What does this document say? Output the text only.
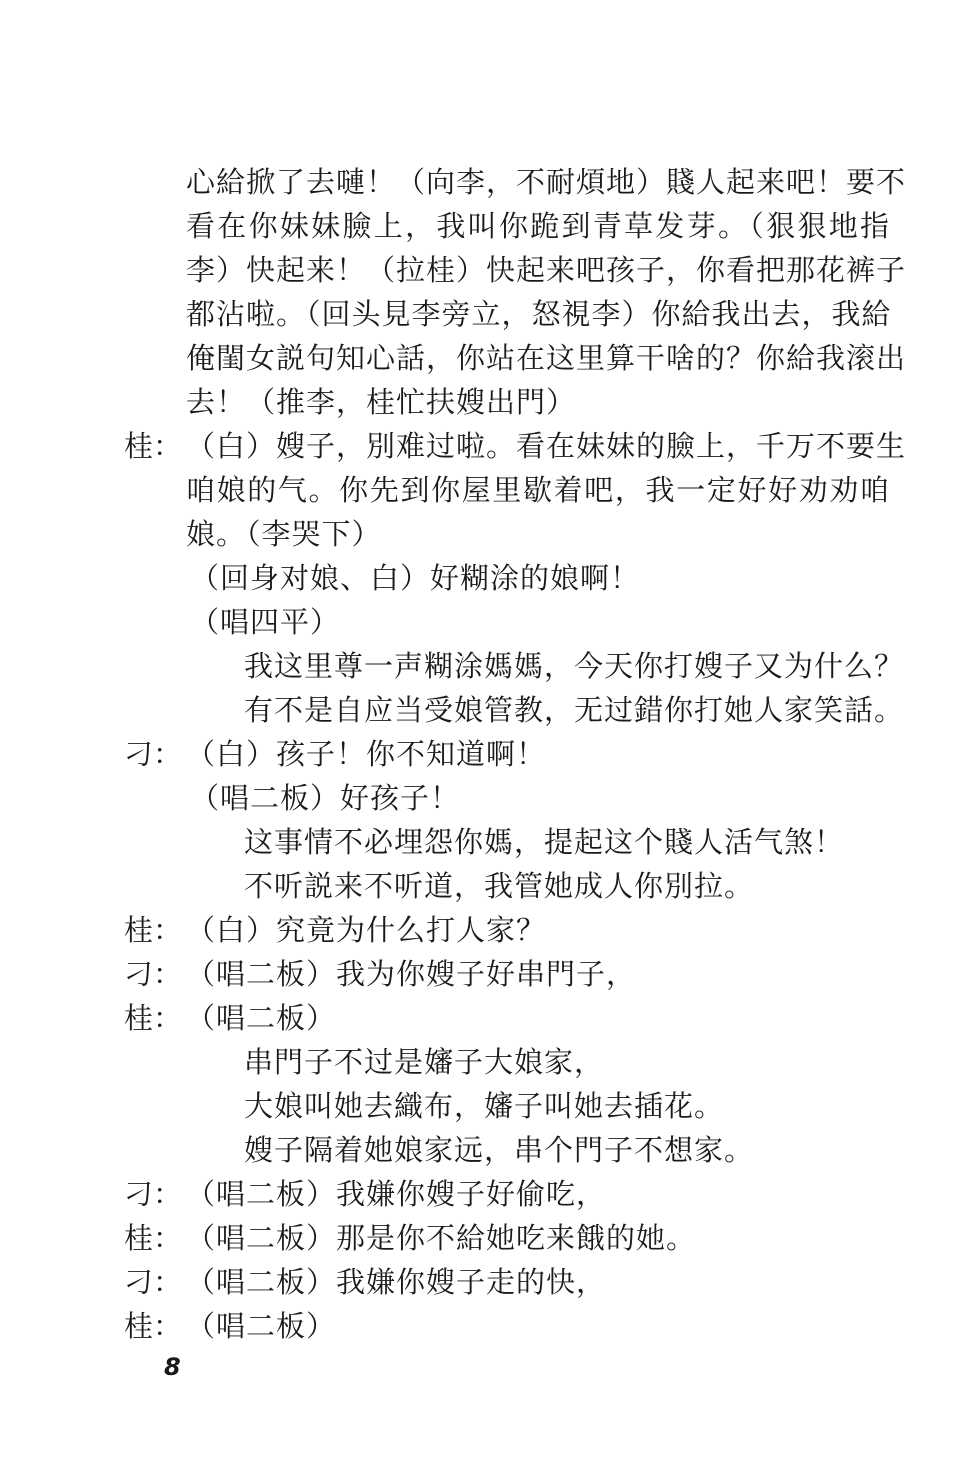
心給掀了去嗹！（向李，不耐煩地）賤人起来吧！要不
看在你妹妹臉上，我叫你跪到青草发芽。（狠狠地指
李）快起来！（拉桂）快起来吧孩子，你看把那花裤子
都沾啦。（回头見李旁立，怒視李）你給我出去，我給
俺閨女説句知心話，你站在这里算干啥的？你給我滚出
去！（推李，桂忙扶嫂出門）
桂： （白）嫂子，別难过啦。看在妹妹的臉上，千万不要生
咱娘的气。你先到你屋里歇着吧，我一定好好劝劝咱
娘。（李哭下）
（回身对娘、白）好糊涂的娘啊！
（唱四平）
我这里尊一声糊涂媽媽，今天你打嫂子又为什么？
有不是自应当受娘管教，无过錯你打她人家笑話。
刁： （白）孩子！你不知道啊！
（唱二板）好孩子！
这事情不必埋怨你媽，提起这个賤人活气煞！
不听説来不听道，我管她成人你別拉。
桂： （白）究竟为什么打人家？
刁： （唱二板）我为你嫂子好串門子，
桂： （唱二板）
串門子不过是嬸子大娘家，
大娘叫她去織布，嬸子叫她去插花。
嫂子隔着她娘家远，串个門子不想家。
刁： （唱二板）我嫌你嫂子好偷吃，
桂： （唱二板）那是你不給她吃来餓的她。
刁： （唱二板）我嫌你嫂子走的快，
桂： （唱二板）
8
